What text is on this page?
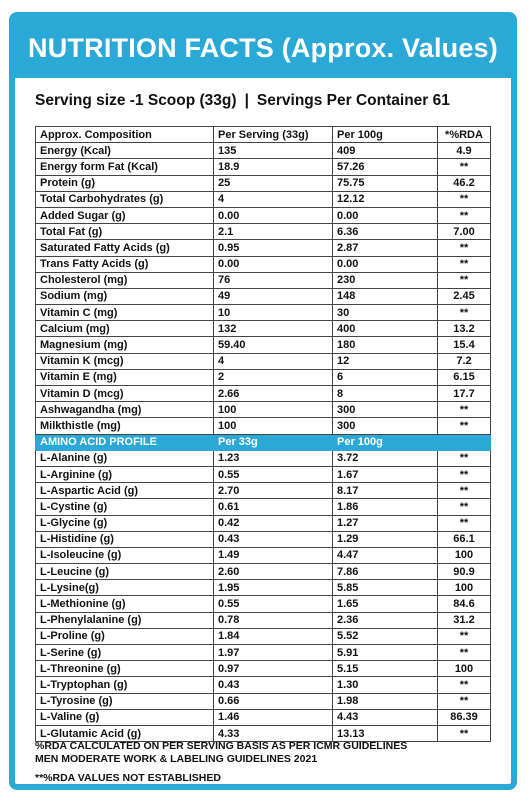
NUTRITION FACTS (Approx. Values)
Serving size -1 Scoop (33g) | Servings Per Container 61
Approx. Composition	Per Serving (33g)	Per 100g	*%RDA
Energy (Kcal)	135	409	4.9
Energy form Fat (Kcal)	18.9	57.26	**
Protein (g)	25	75.75	46.2
Total Carbohydrates (g)	4	12.12	**
Added Sugar (g)	0.00	0.00	**
Total Fat (g)	2.1	6.36	7.00
Saturated Fatty Acids (g)	0.95	2.87	**
Trans Fatty Acids (g)	0.00	0.00	**
Cholesterol (mg)	76	230	**
Sodium (mg)	49	148	2.45
Vitamin C (mg)	10	30	**
Calcium (mg)	132	400	13.2
Magnesium (mg)	59.40	180	15.4
Vitamin K (mcg)	4	12	7.2
Vitamin E (mg)	2	6	6.15
Vitamin D (mcg)	2.66	8	17.7
Ashwagandha (mg)	100	300	**
Milkthistle (mg)	100	300	**
AMINO ACID PROFILE	Per 33g	Per 100g	
L-Alanine (g)	1.23	3.72	**
L-Arginine (g)	0.55	1.67	**
L-Aspartic Acid (g)	2.70	8.17	**
L-Cystine (g)	0.61	1.86	**
L-Glycine (g)	0.42	1.27	**
L-Histidine (g)	0.43	1.29	66.1
L-Isoleucine (g)	1.49	4.47	100
L-Leucine (g)	2.60	7.86	90.9
L-Lysine(g)	1.95	5.85	100
L-Methionine (g)	0.55	1.65	84.6
L-Phenylalanine (g)	0.78	2.36	31.2
L-Proline (g)	1.84	5.52	**
L-Serine (g)	1.97	5.91	**
L-Threonine (g)	0.97	5.15	100
L-Tryptophan (g)	0.43	1.30	**
L-Tyrosine (g)	0.66	1.98	**
L-Valine (g)	1.46	4.43	86.39
L-Glutamic Acid (g)	4.33	13.13	**
%RDA CALCULATED ON PER SERVING BASIS AS PER ICMR GUIDELINES
MEN MODERATE WORK & LABELING GUIDELINES 2021
**%RDA VALUES NOT ESTABLISHED
